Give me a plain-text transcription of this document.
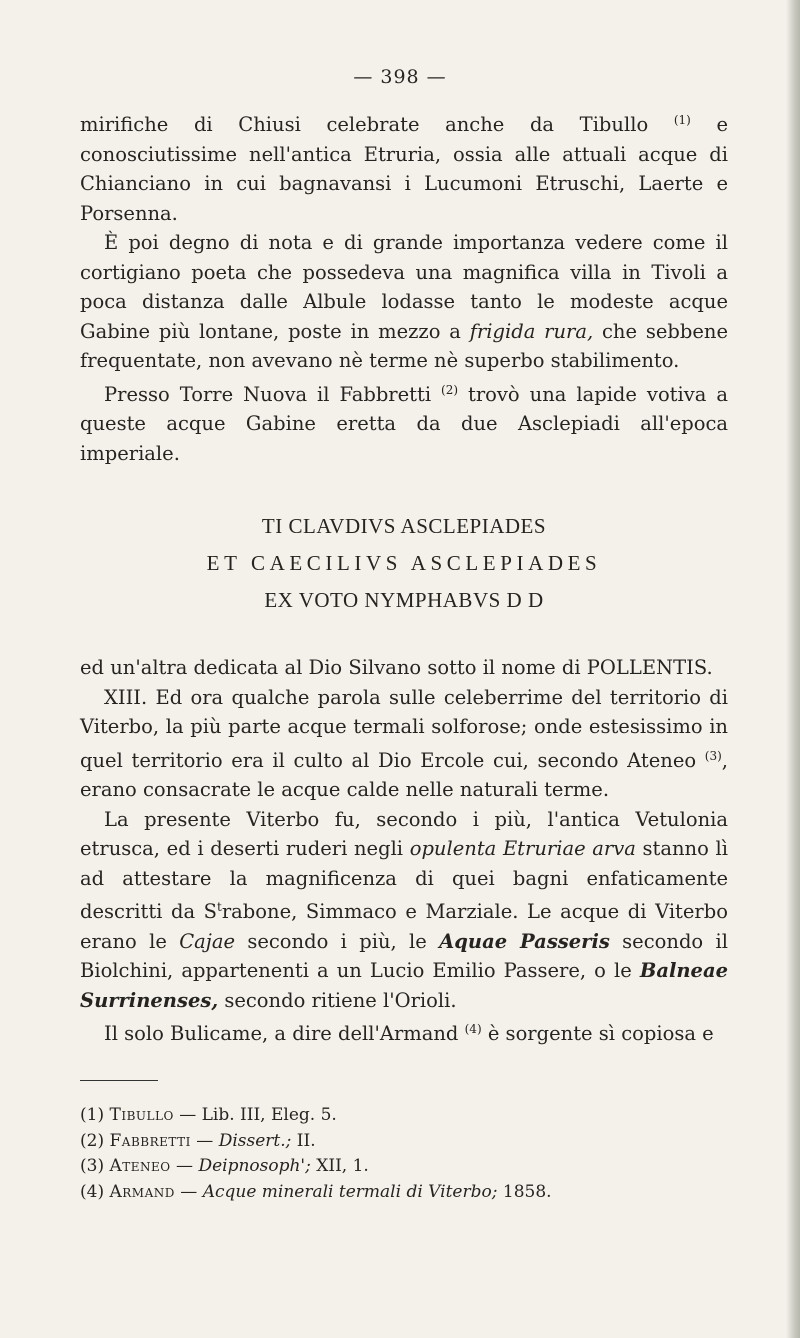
— 398 —

mirifiche di Chiusi celebrate anche da Tibullo $^{(1)}$ e conosciutissime nell'antica Etruria, ossia alle attuali acque di Chianciano in cui bagnavansi i Lucumoni Etruschi, Laerte e Porsenna.

È poi degno di nota e di grande importanza vedere come il cortigiano poeta che possedeva una magnifica villa in Tivoli a poca distanza dalle Albule lodasse tanto le modeste acque Gabine più lontane, poste in mezzo a frigida rura, che sebbene frequentate, non avevano nè terme nè superbo stabilimento.

Presso Torre Nuova il Fabbretti $^{(2)}$ trovò una lapide votiva a queste acque Gabine eretta da due Asclepiadi all'epoca imperiale.

TI CLAVDIVS ASCLEPIADES
ET CAECILIVS ASCLEPIADES
EX VOTO NYMPHABVS D D

ed un'altra dedicata al Dio Silvano sotto il nome di POLLENTIS.

XIII. Ed ora qualche parola sulle celeberrime del territorio di Viterbo, la più parte acque termali solforose; onde estesissimo in quel territorio era il culto al Dio Ercole cui, secondo Ateneo $^{(3)}$, erano consacrate le acque calde nelle naturali terme.

La presente Viterbo fu, secondo i più, l'antica Vetulonia etrusca, ed i deserti ruderi negli opulenta Etruriae arva stanno lì ad attestare la magnificenza di quei bagni enfaticamente descritti da $S^trabone$, Simmaco e Marziale. Le acque di Viterbo erano le Cajae secondo i più, le Aquae Passeris secondo il Biolchini, appartenenti a un Lucio Emilio Passere, o le Balneae Surrinenses, secondo ritiene l'Orioli.

Il solo Bulicame, a dire dell'Armand $^{(4)}$ è sorgente sì copiosa e

(1) Tibullo — Lib. III, Eleg. 5.
(2) Fabbretti — Dissert.; II.
(3) Ateneo — Deipnosoph'; XII, 1.
(4) Armand — Acque minerali termali di Viterbo; 1858.
